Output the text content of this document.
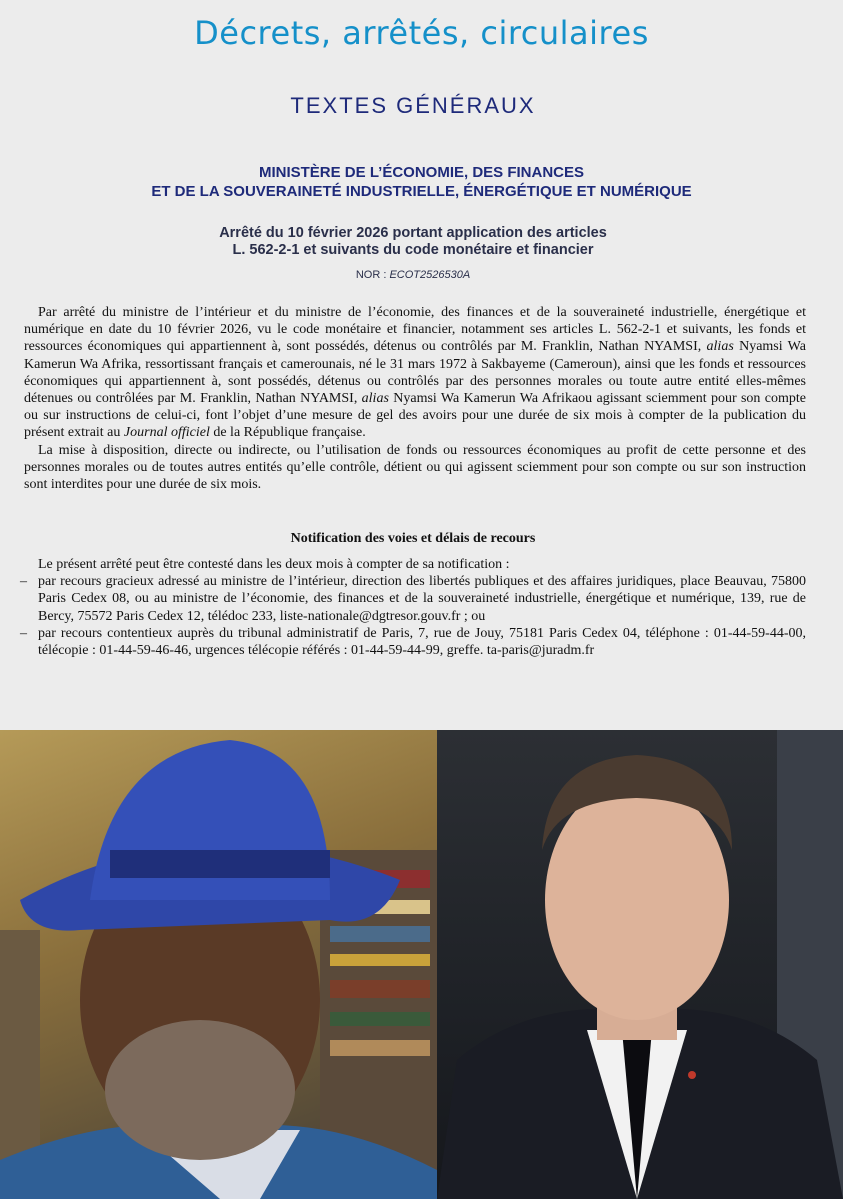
Décrets, arrêtés, circulaires
TEXTES GÉNÉRAUX
MINISTÈRE DE L’ÉCONOMIE, DES FINANCES
ET DE LA SOUVERAINETÉ INDUSTRIELLE, ÉNERGÉTIQUE ET NUMÉRIQUE
Arrêté du 10 février 2026 portant application des articles
L. 562-2-1 et suivants du code monétaire et financier
NOR : ECOT2526530A

Par arrêté du ministre de l’intérieur et du ministre de l’économie, des finances et de la souveraineté industrielle, énergétique et numérique en date du 10 février 2026, vu le code monétaire et financier, notamment ses articles L. 562-2-1 et suivants, les fonds et ressources économiques qui appartiennent à, sont possédés, détenus ou contrôlés par M. Franklin, Nathan NYAMSI, alias Nyamsi Wa Kamerun Wa Afrika, ressortissant français et camerounais, né le 31 mars 1972 à Sakbayeme (Cameroun), ainsi que les fonds et ressources économiques qui appartiennent à, sont possédés, détenus ou contrôlés par des personnes morales ou toute autre entité elles-mêmes détenues ou contrôlées par M. Franklin, Nathan NYAMSI, alias Nyamsi Wa Kamerun Wa Afrikaou agissant sciemment pour son compte ou sur instructions de celui-ci, font l’objet d’une mesure de gel des avoirs pour une durée de six mois à compter de la publication du présent extrait au Journal officiel de la République française.

La mise à disposition, directe ou indirecte, ou l’utilisation de fonds ou ressources économiques au profit de cette personne et des personnes morales ou de toutes autres entités qu’elle contrôle, détient ou qui agissent sciemment pour son compte ou sur son instruction sont interdites pour une durée de six mois.

Notification des voies et délais de recours

Le présent arrêté peut être contesté dans les deux mois à compter de sa notification :

– par recours gracieux adressé au ministre de l’intérieur, direction des libertés publiques et des affaires juridiques, place Beauvau, 75800 Paris Cedex 08, ou au ministre de l’économie, des finances et de la souveraineté industrielle, énergétique et numérique, 139, rue de Bercy, 75572 Paris Cedex 12, télédoc 233, liste-nationale@dgtresor.gouv.fr ; ou
– par recours contentieux auprès du tribunal administratif de Paris, 7, rue de Jouy, 75181 Paris Cedex 04, téléphone : 01-44-59-44-00, télécopie : 01-44-59-46-46, urgences télécopie référés : 01-44-59-44-99, greffe. ta-paris@juradm.fr
